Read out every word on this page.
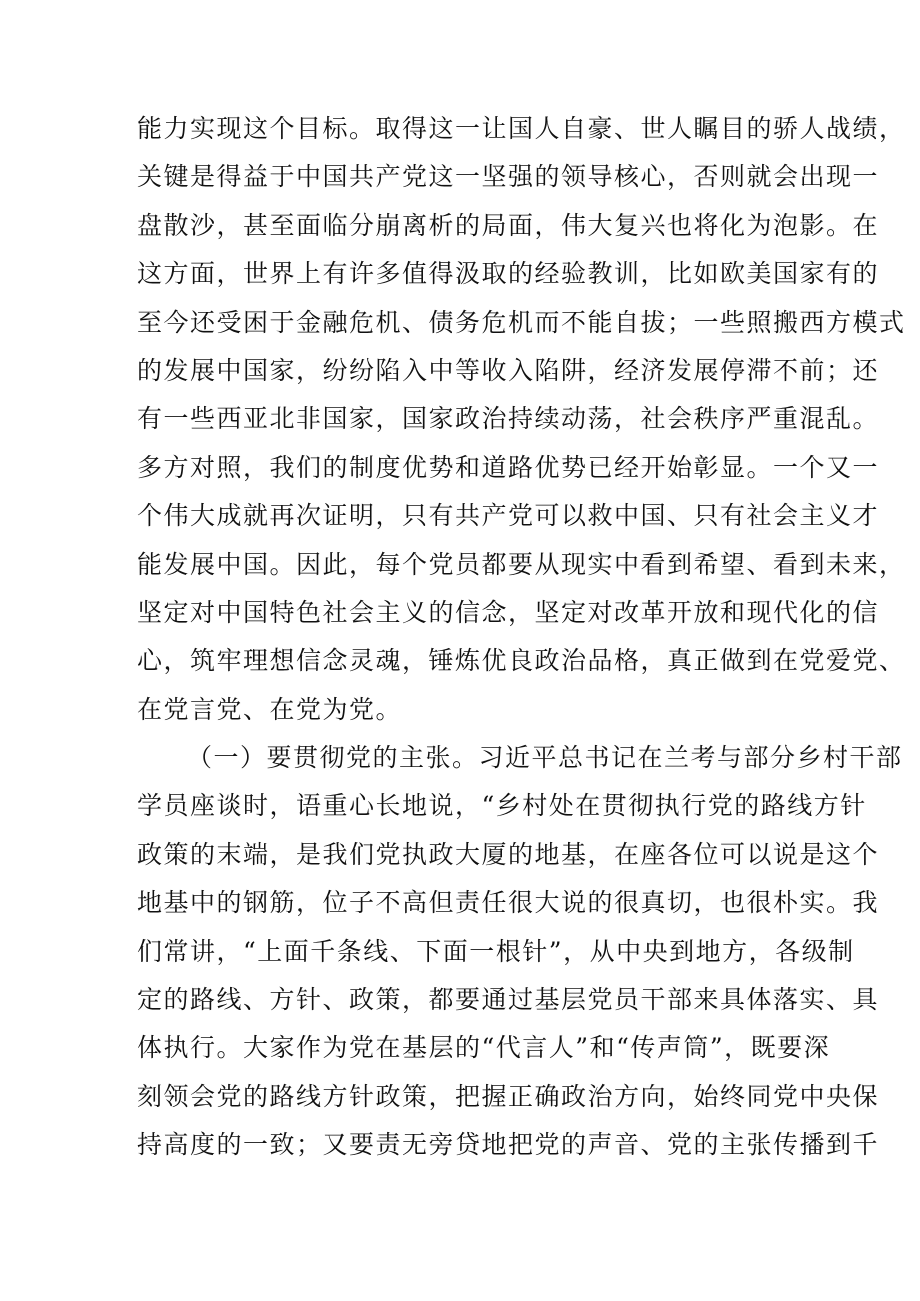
能力实现这个目标。取得这一让国人自豪、世人瞩目的骄人战绩，
关键是得益于中国共产党这一坚强的领导核心，否则就会出现一
盘散沙，甚至面临分崩离析的局面，伟大复兴也将化为泡影。在
这方面，世界上有许多值得汲取的经验教训，比如欧美国家有的
至今还受困于金融危机、债务危机而不能自拔；一些照搬西方模式
的发展中国家，纷纷陷入中等收入陷阱，经济发展停滞不前；还
有一些西亚北非国家，国家政治持续动荡，社会秩序严重混乱。
多方对照，我们的制度优势和道路优势已经开始彰显。一个又一
个伟大成就再次证明，只有共产党可以救中国、只有社会主义才
能发展中国。因此，每个党员都要从现实中看到希望、看到未来，
坚定对中国特色社会主义的信念，坚定对改革开放和现代化的信
心，筑牢理想信念灵魂，锤炼优良政治品格，真正做到在党爱党、
在党言党、在党为党。
（一）要贯彻党的主张。习近平总书记在兰考与部分乡村干部
学员座谈时，语重心长地说，“乡村处在贯彻执行党的路线方针
政策的末端，是我们党执政大厦的地基，在座各位可以说是这个
地基中的钢筋，位子不高但责任很大说的很真切，也很朴实。我
们常讲，“上面千条线、下面一根针”，从中央到地方，各级制
定的路线、方针、政策，都要通过基层党员干部来具体落实、具
体执行。大家作为党在基层的“代言人”和“传声筒”，既要深
刻领会党的路线方针政策，把握正确政治方向，始终同党中央保
持高度的一致；又要责无旁贷地把党的声音、党的主张传播到千
